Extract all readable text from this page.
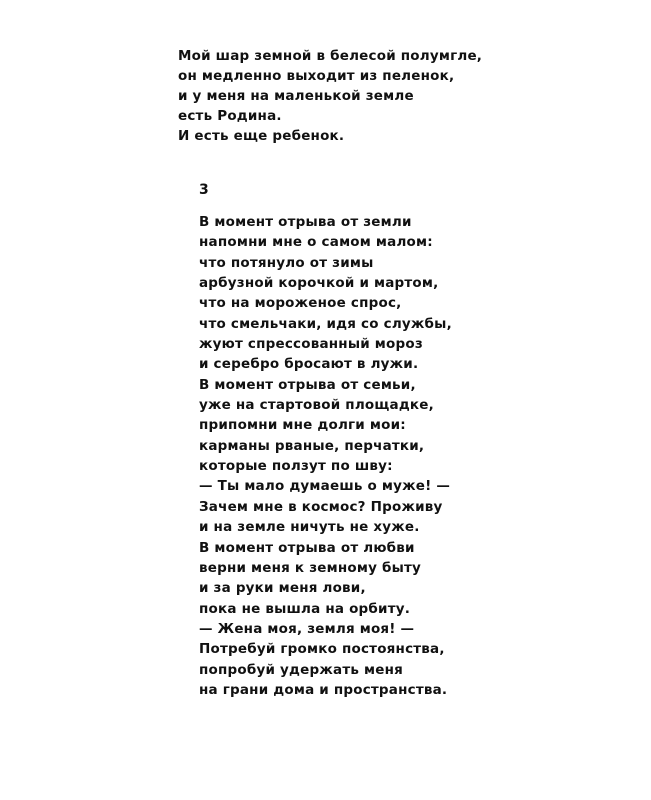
Мой шар земной в белесой полумгле,
он медленно выходит из пеленок,
и у меня на маленькой земле
есть Родина.
И есть еще ребенок.
3
В момент отрыва от земли
напомни мне о самом малом:
что потянуло от зимы
арбузной корочкой и мартом,
что на мороженое спрос,
что смельчаки, идя со службы,
жуют спрессованный мороз
и серебро бросают в лужи.
В момент отрыва от семьи,
уже на стартовой площадке,
припомни мне долги мои:
карманы рваные, перчатки,
которые ползут по шву:
— Ты мало думаешь о муже! —
Зачем мне в космос? Проживу
и на земле ничуть не хуже.
В момент отрыва от любви
верни меня к земному быту
и за руки меня лови,
пока не вышла на орбиту.
— Жена моя, земля моя! —
Потребуй громко постоянства,
попробуй удержать меня
на грани дома и пространства.
